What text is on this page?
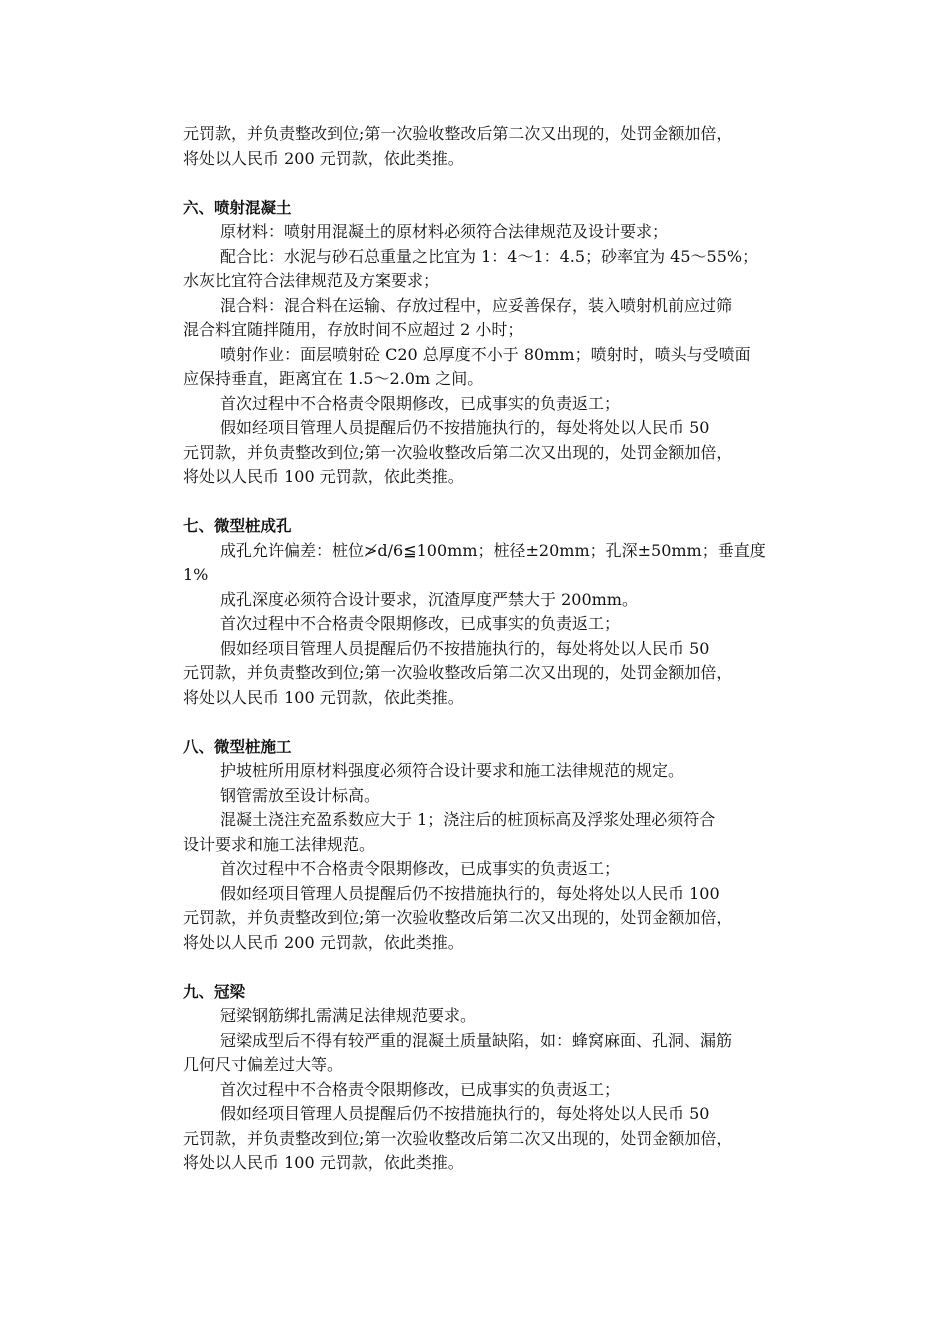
元罚款，并负责整改到位;第一次验收整改后第二次又出现的，处罚金额加倍，
将处以人民币 200 元罚款，依此类推。
六、喷射混凝土
原材料：喷射用混凝土的原材料必须符合法律规范及设计要求；
配合比：水泥与砂石总重量之比宜为 1：4～1：4.5；砂率宜为 45～55%；
水灰比宜符合法律规范及方案要求；
混合料：混合料在运输、存放过程中，应妥善保存，装入喷射机前应过筛
混合料宜随拌随用，存放时间不应超过 2 小时；
喷射作业：面层喷射砼 C20 总厚度不小于 80mm；喷射时，喷头与受喷面
应保持垂直，距离宜在 1.5～2.0m 之间。
首次过程中不合格责令限期修改，已成事实的负责返工；
假如经项目管理人员提醒后仍不按措施执行的，每处将处以人民币 50
元罚款，并负责整改到位;第一次验收整改后第二次又出现的，处罚金额加倍，
将处以人民币 100 元罚款，依此类推。
七、微型桩成孔
成孔允许偏差：桩位≯d/6≦100mm；桩径±20mm；孔深±50mm；垂直度
1%
成孔深度必须符合设计要求，沉渣厚度严禁大于 200mm。
首次过程中不合格责令限期修改，已成事实的负责返工；
假如经项目管理人员提醒后仍不按措施执行的，每处将处以人民币 50
元罚款，并负责整改到位;第一次验收整改后第二次又出现的，处罚金额加倍，
将处以人民币 100 元罚款，依此类推。
八、微型桩施工
护坡桩所用原材料强度必须符合设计要求和施工法律规范的规定。
钢管需放至设计标高。
混凝土浇注充盈系数应大于 1；浇注后的桩顶标高及浮浆处理必须符合
设计要求和施工法律规范。
首次过程中不合格责令限期修改，已成事实的负责返工；
假如经项目管理人员提醒后仍不按措施执行的，每处将处以人民币 100
元罚款，并负责整改到位;第一次验收整改后第二次又出现的，处罚金额加倍，
将处以人民币 200 元罚款，依此类推。
九、冠梁
冠梁钢筋绑扎需满足法律规范要求。
冠梁成型后不得有较严重的混凝土质量缺陷，如：蜂窝麻面、孔洞、漏筋
几何尺寸偏差过大等。
首次过程中不合格责令限期修改，已成事实的负责返工；
假如经项目管理人员提醒后仍不按措施执行的，每处将处以人民币 50
元罚款，并负责整改到位;第一次验收整改后第二次又出现的，处罚金额加倍，
将处以人民币 100 元罚款，依此类推。
